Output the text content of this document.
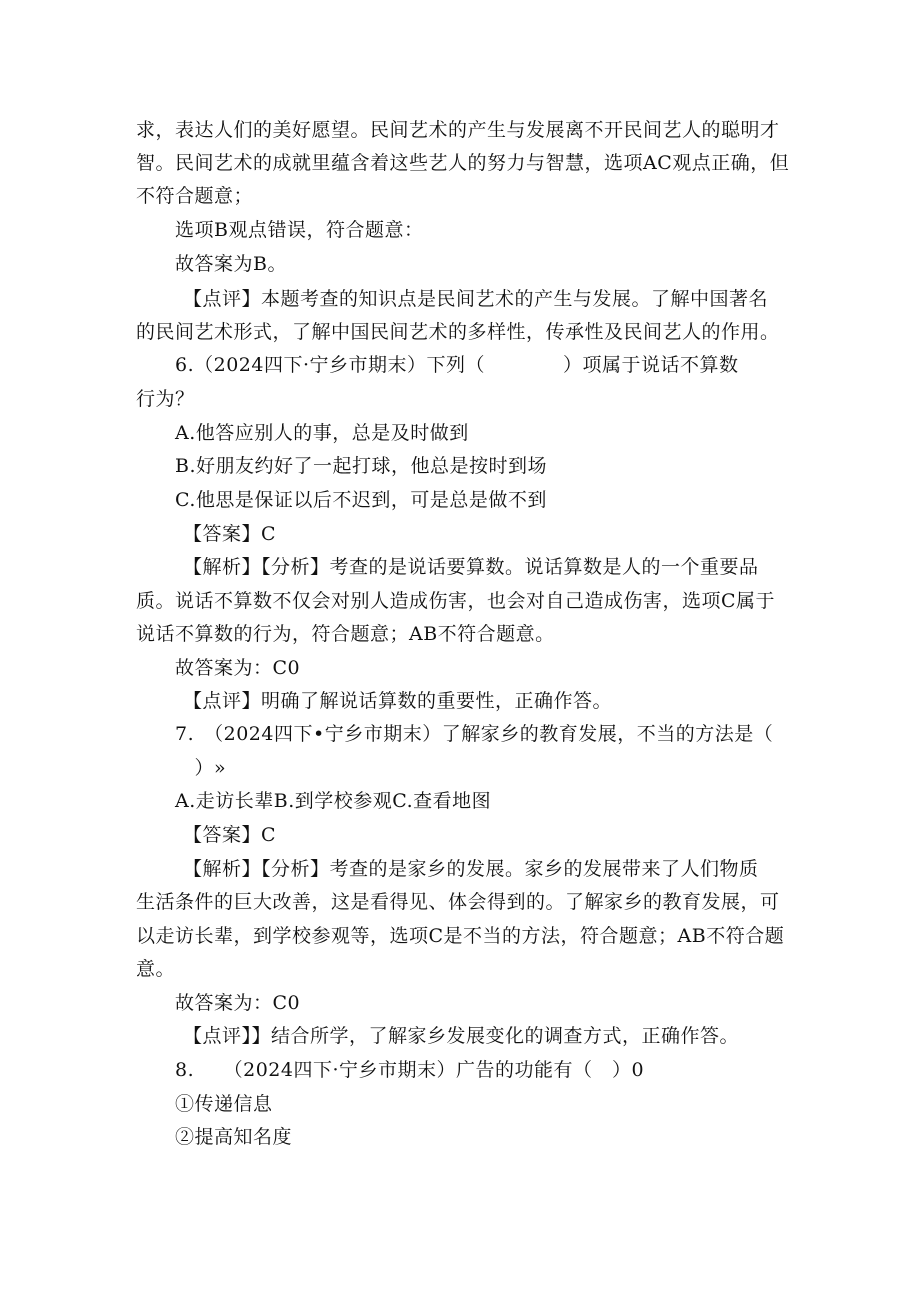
求，表达人们的美好愿望。民间艺术的产生与发展离不开民间艺人的聪明才
智。民间艺术的成就里蕴含着这些艺人的努力与智慧，选项AC观点正确，但
不符合题意；
选项B观点错误，符合题意：
故答案为B。
【点评】本题考查的知识点是民间艺术的产生与发展。了解中国著名
的民间艺术形式，了解中国民间艺术的多样性，传承性及民间艺人的作用。
6.（2024四下·宁乡市期末）下列（　　　　）项属于说话不算数
行为？
A.他答应别人的事，总是及时做到
B.好朋友约好了一起打球，他总是按时到场
C.他思是保证以后不迟到，可是总是做不到
【答案】C
【解析】【分析】考查的是说话要算数。说话算数是人的一个重要品
质。说话不算数不仅会对别人造成伤害，也会对自己造成伤害，选项C属于
说话不算数的行为，符合题意；AB不符合题意。
故答案为：C0
【点评】明确了解说话算数的重要性，正确作答。
7.　（2024四下•宁乡市期末）了解家乡的教育发展，不当的方法是（
　）»
A.走访长辈B.到学校参观C.查看地图
【答案】C
【解析】【分析】考查的是家乡的发展。家乡的发展带来了人们物质
生活条件的巨大改善，这是看得见、体会得到的。了解家乡的教育发展，可
以走访长辈，到学校参观等，选项C是不当的方法，符合题意；AB不符合题
意。
故答案为：C0
【点评】】结合所学，了解家乡发展变化的调查方式，正确作答。
8.　　（2024四下·宁乡市期末）广告的功能有（　）0
①传递信息
②提高知名度
